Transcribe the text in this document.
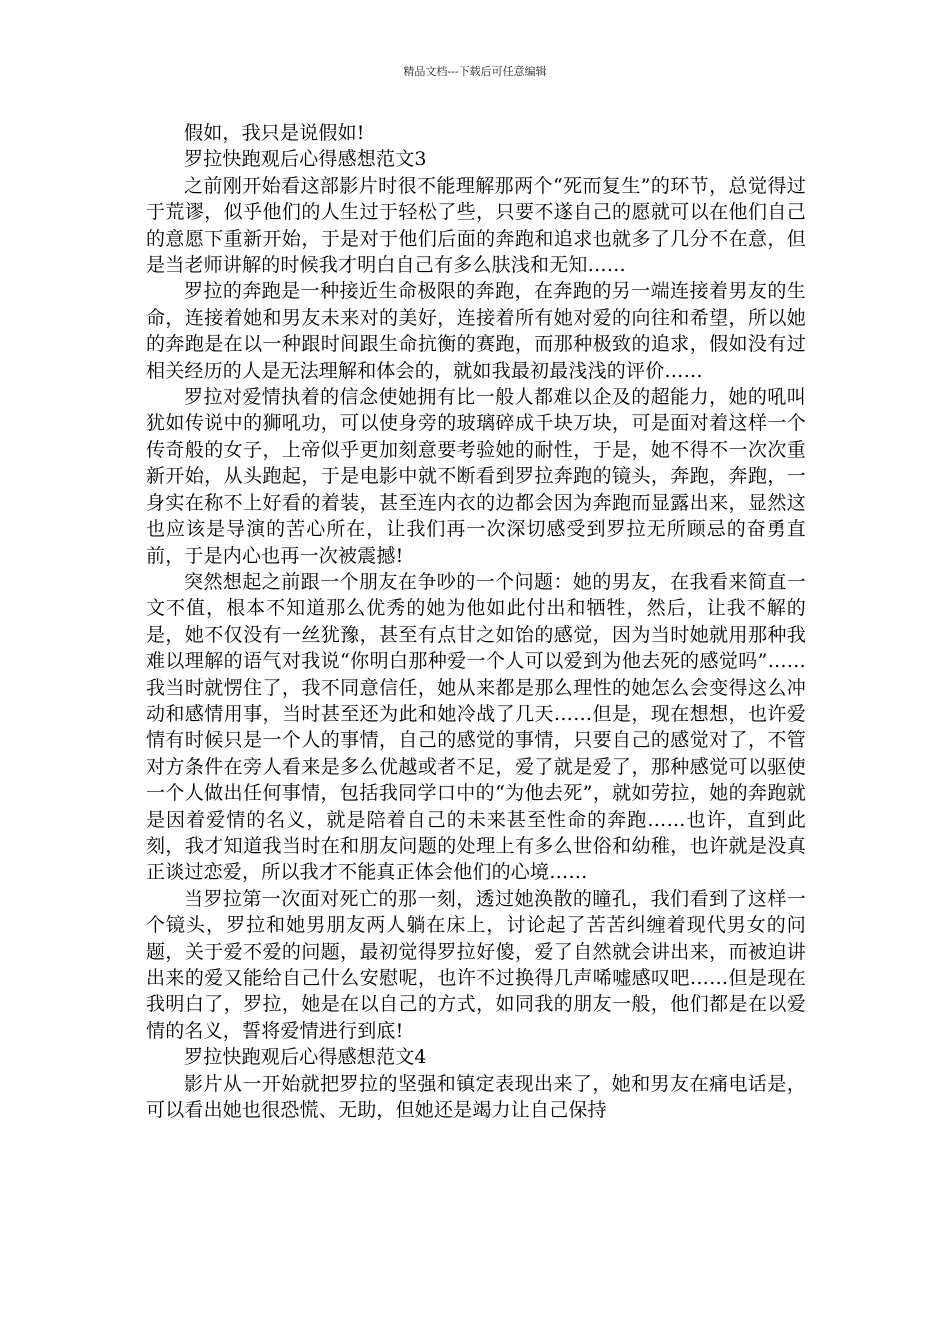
精品文档---下载后可任意编辑

假如，我只是说假如!

罗拉快跑观后心得感想范文3

之前刚开始看这部影片时很不能理解那两个“死而复生”的环节，总觉得过于荒谬，似乎他们的人生过于轻松了些，只要不遂自己的愿就可以在他们自己的意愿下重新开始，于是对于他们后面的奔跑和追求也就多了几分不在意，但是当老师讲解的时候我才明白自己有多么肤浅和无知……

罗拉的奔跑是一种接近生命极限的奔跑，在奔跑的另一端连接着男友的生命，连接着她和男友未来对的美好，连接着所有她对爱的向往和希望，所以她的奔跑是在以一种跟时间跟生命抗衡的赛跑，而那种极致的追求，假如没有过相关经历的人是无法理解和体会的，就如我最初最浅浅的评价……

罗拉对爱情执着的信念使她拥有比一般人都难以企及的超能力，她的吼叫犹如传说中的狮吼功，可以使身旁的玻璃碎成千块万块，可是面对着这样一个传奇般的女子，上帝似乎更加刻意要考验她的耐性，于是，她不得不一次次重新开始，从头跑起，于是电影中就不断看到罗拉奔跑的镜头，奔跑，奔跑，一身实在称不上好看的着装，甚至连内衣的边都会因为奔跑而显露出来，显然这也应该是导演的苦心所在，让我们再一次深切感受到罗拉无所顾忌的奋勇直前，于是内心也再一次被震撼!

突然想起之前跟一个朋友在争吵的一个问题：她的男友，在我看来简直一文不值，根本不知道那么优秀的她为他如此付出和牺牲，然后，让我不解的是，她不仅没有一丝犹豫，甚至有点甘之如饴的感觉，因为当时她就用那种我难以理解的语气对我说“你明白那种爱一个人可以爱到为他去死的感觉吗”……我当时就愣住了，我不同意信任，她从来都是那么理性的她怎么会变得这么冲动和感情用事，当时甚至还为此和她冷战了几天……但是，现在想想，也许爱情有时候只是一个人的事情，自己的感觉的事情，只要自己的感觉对了，不管对方条件在旁人看来是多么优越或者不足，爱了就是爱了，那种感觉可以驱使一个人做出任何事情，包括我同学口中的“为他去死”，就如劳拉，她的奔跑就是因着爱情的名义，就是陪着自己的未来甚至性命的奔跑……也许，直到此刻，我才知道我当时在和朋友问题的处理上有多么世俗和幼稚，也许就是没真正谈过恋爱，所以我才不能真正体会他们的心境……

当罗拉第一次面对死亡的那一刻，透过她涣散的瞳孔，我们看到了这样一个镜头，罗拉和她男朋友两人躺在床上，讨论起了苦苦纠缠着现代男女的问题，关于爱不爱的问题，最初觉得罗拉好傻，爱了自然就会讲出来，而被迫讲出来的爱又能给自己什么安慰呢，也许不过换得几声唏嘘感叹吧……但是现在我明白了，罗拉，她是在以自己的方式，如同我的朋友一般，他们都是在以爱情的名义，誓将爱情进行到底!

罗拉快跑观后心得感想范文4

影片从一开始就把罗拉的坚强和镇定表现出来了，她和男友在痛电话是，可以看出她也很恐慌、无助，但她还是竭力让自己保持
